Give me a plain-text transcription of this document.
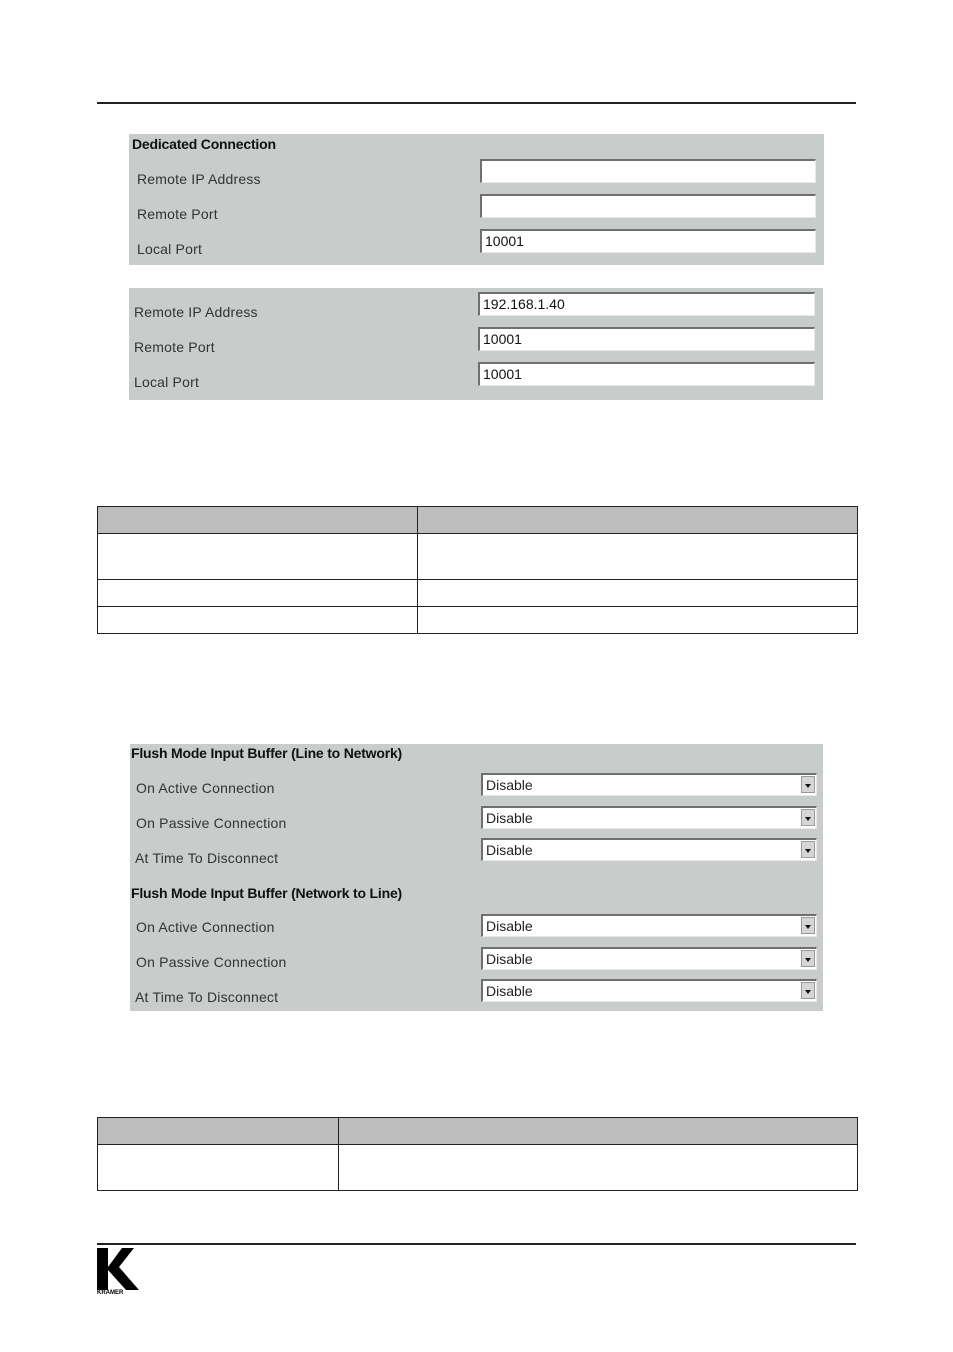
Dedicated Connection
Remote IP Address
Remote Port
Local Port	10001
Remote IP Address	192.168.1.40
Remote Port	10001
Local Port	10001

Flush Mode Input Buffer (Line to Network)
On Active Connection	Disable
On Passive Connection	Disable
At Time To Disconnect	Disable
Flush Mode Input Buffer (Network to Line)
On Active Connection	Disable
On Passive Connection	Disable
At Time To Disconnect	Disable

KRAMER
